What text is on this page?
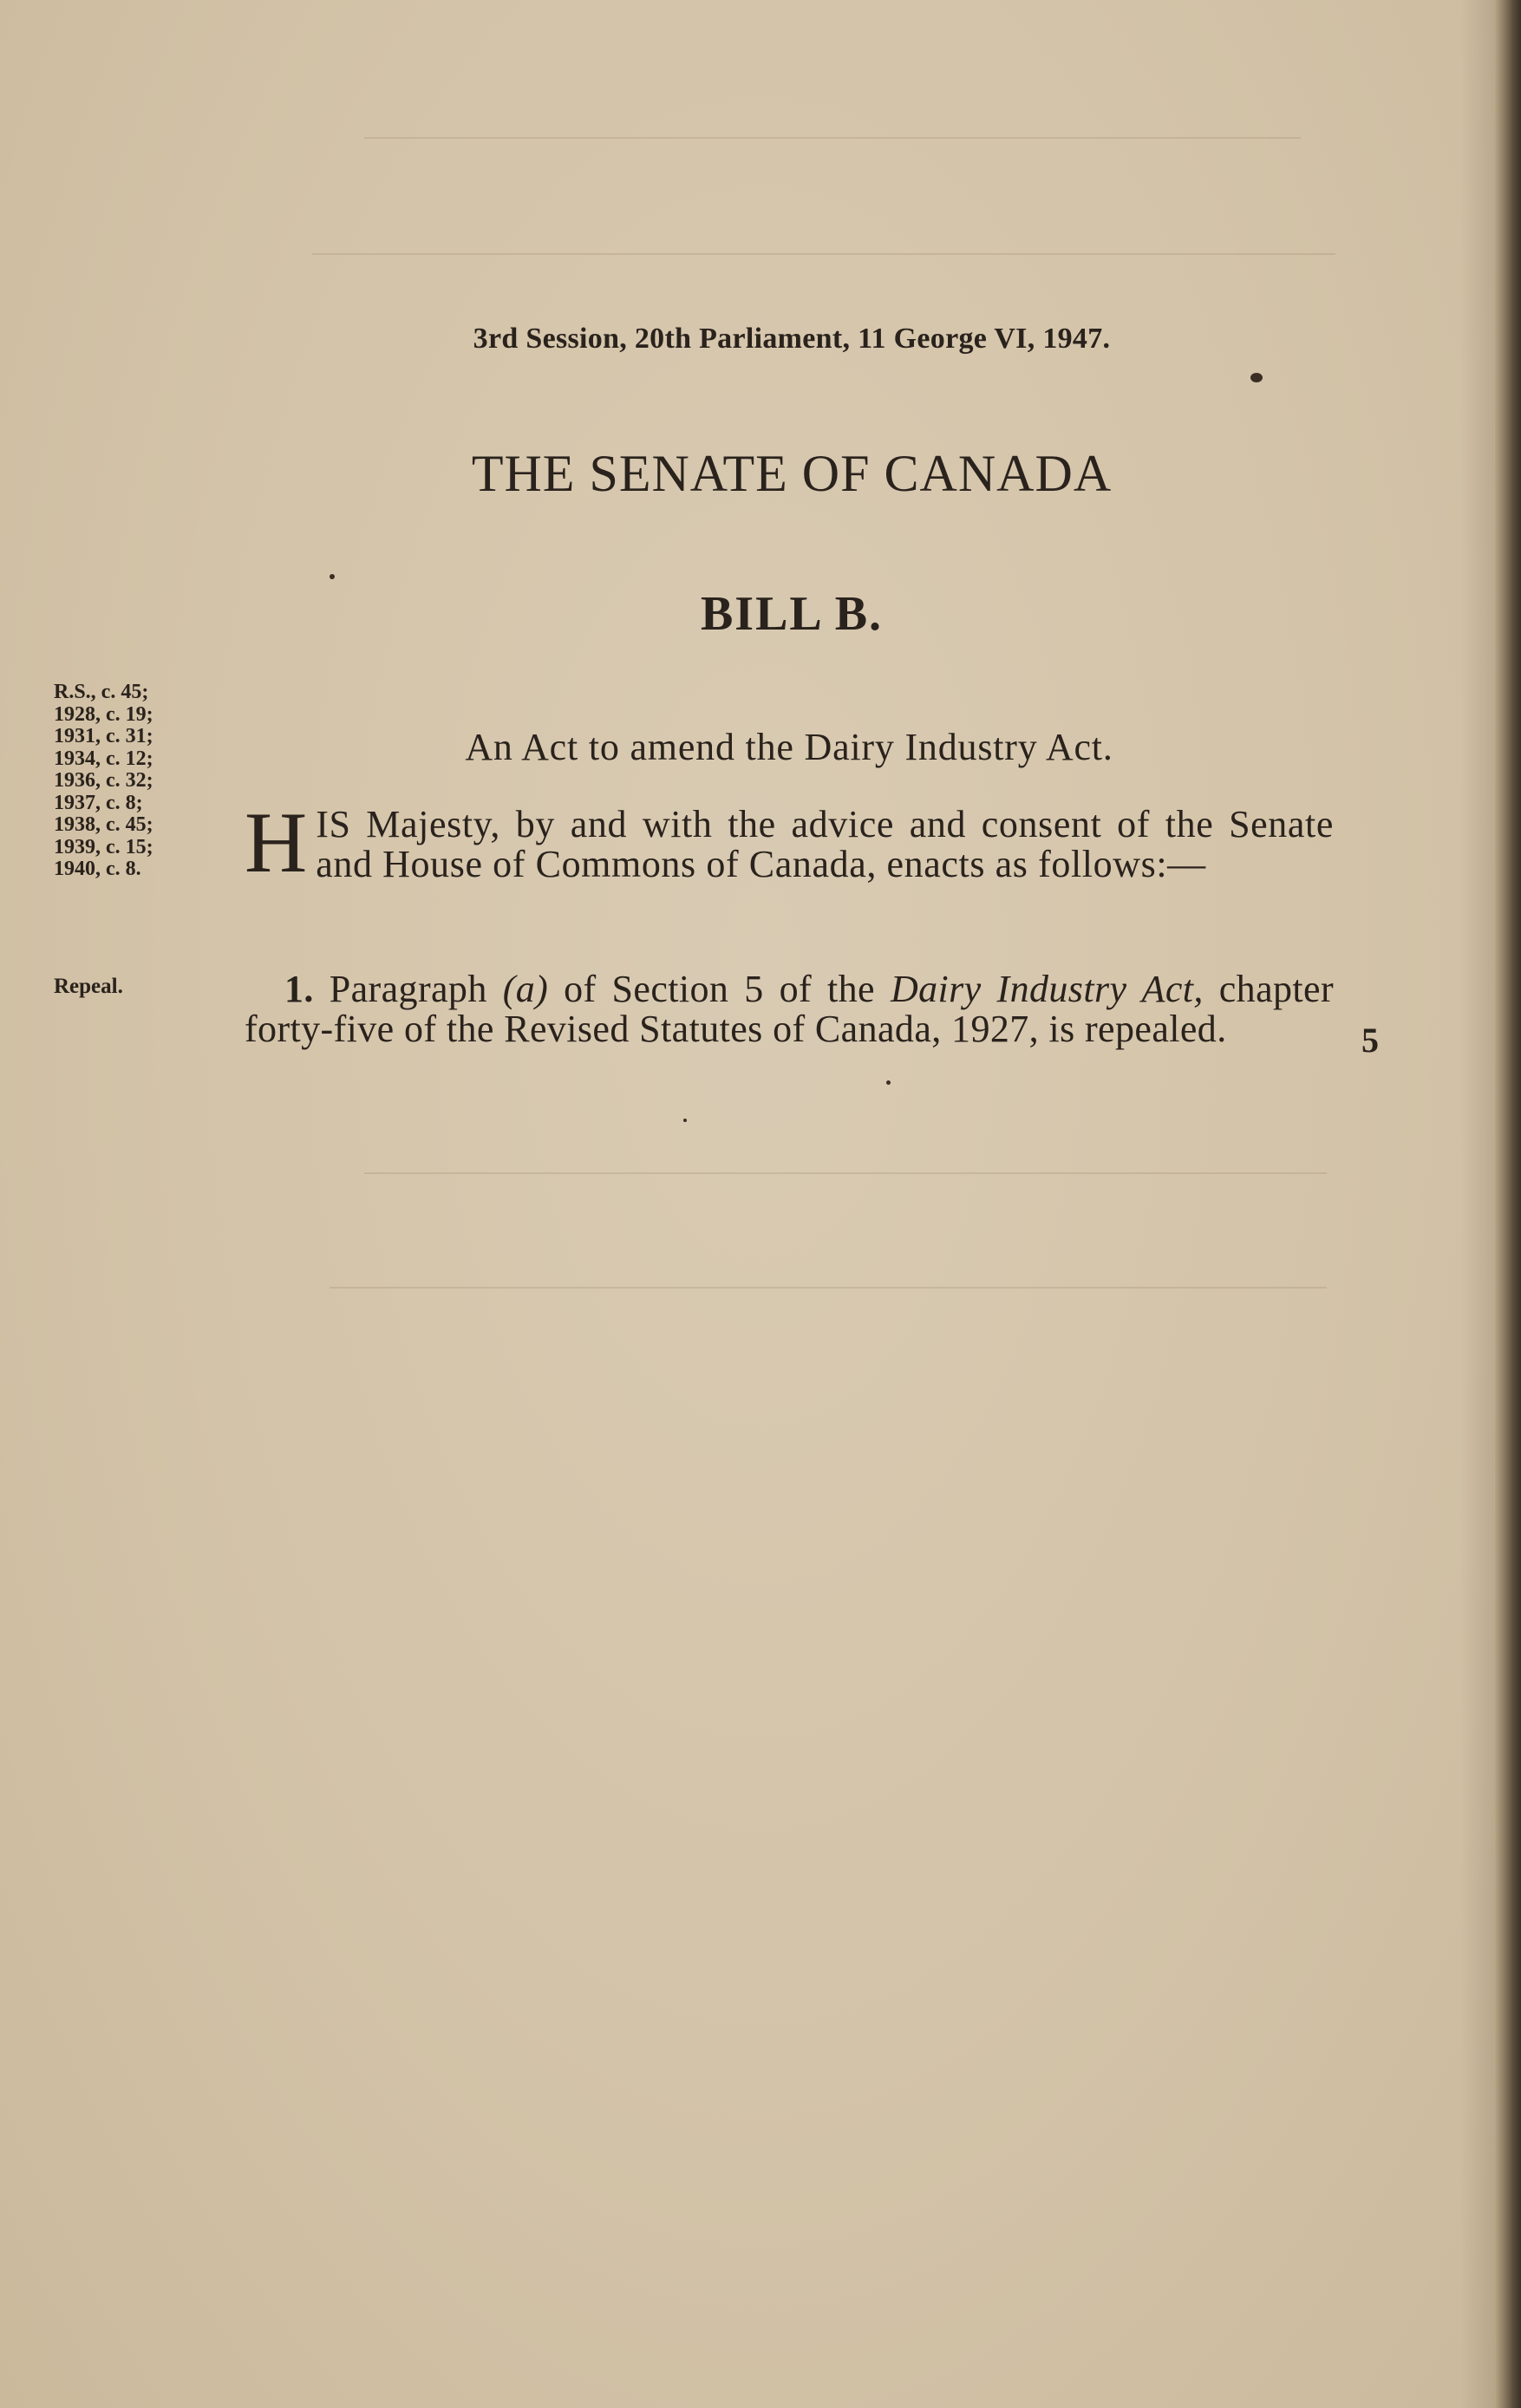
3rd Session, 20th Parliament, 11 George VI, 1947.
THE SENATE OF CANADA
BILL B.
R.S., c. 45;
1928, c. 19;
1931, c. 31;
1934, c. 12;
1936, c. 32;
1937, c. 8;
1938, c. 45;
1939, c. 15;
1940, c. 8.
An Act to amend the Dairy Industry Act.
H IS Majesty, by and with the advice and consent of the Senate and House of Commons of Canada, enacts as follows:—
Repeal.	1. Paragraph (a) of Section 5 of the Dairy Industry Act, chapter forty-five of the Revised Statutes of Canada, 1927, is repealed.	5
